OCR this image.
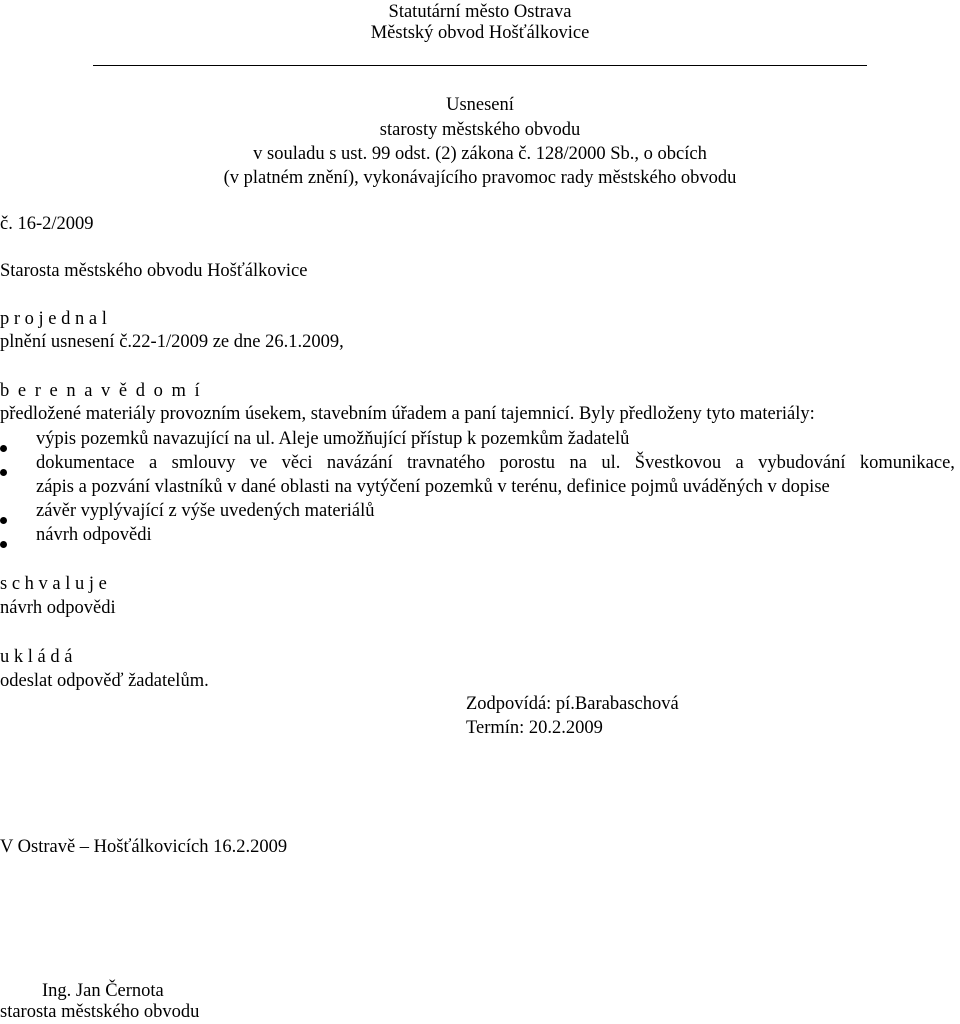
Statutární město Ostrava
Městský obvod Hošťálkovice
Usnesení
starosty městského obvodu
v souladu s ust. 99 odst. (2) zákona č. 128/2000 Sb., o obcích
(v platném znění), vykonávajícího pravomoc rady městského obvodu
č. 16-2/2009
Starosta městského obvodu Hošťálkovice
p r o j e d n a l
plnění usnesení č.22-1/2009 ze dne 26.1.2009,
b e r e n a v ě d o m í
předložené materiály provozním úsekem, stavebním úřadem a paní tajemnicí. Byly předloženy tyto materiály:
výpis pozemků navazující na ul. Aleje umožňující přístup k pozemkům žadatelů
dokumentace a smlouvy ve věci navázání travnatého porostu na ul. Švestkovou a vybudování komunikace,
zápis a pozvání vlastníků v dané oblasti na vytýčení pozemků v terénu, definice pojmů uváděných v dopise
závěr vyplývající z výše uvedených materiálů
návrh odpovědi
s c h v a l u j e
návrh odpovědi
u k l á d á
odeslat odpověď žadatelům.
Zodpovídá: pí.Barabaschová
Termín: 20.2.2009
V Ostravě – Hošťálkovicích 16.2.2009
Ing. Jan Černota
starosta městského obvodu
